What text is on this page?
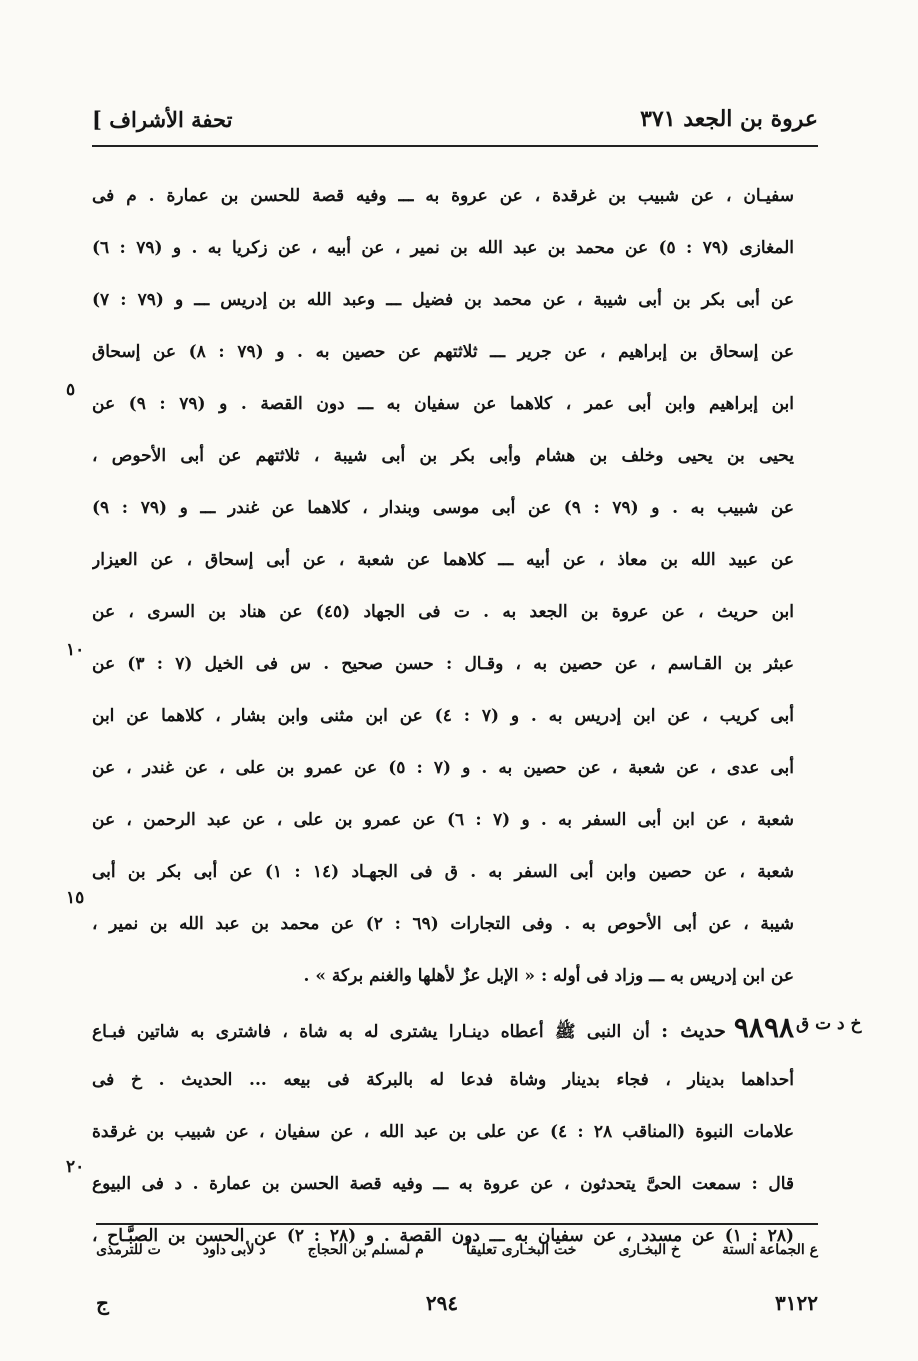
[ تحفة الأشراف	عروة بن الجعد ٣٧١
سفيـان ، عن شبيب بن غرقدة ، عن عروة به ـــ وفيه قصة للحسن بن عمارة . م فى
المغازى (٧٩ : ٥) عن محمد بن عبد الله بن نمير ، عن أبيه ، عن زكريا به . و (٧٩ : ٦)
عن أبى بكر بن أبى شيبة ، عن محمد بن فضيل ـــ وعبد الله بن إدريس ـــ و (٧٩ : ٧)
عن إسحاق بن إبراهيم ، عن جرير ـــ ثلاثتهم عن حصين به . و (٧٩ : ٨) عن إسحاق
ابن إبراهيم وابن أبى عمر ، كلاهما عن سفيان به ـــ دون القصة . و (٧٩ : ٩) عن
يحيى بن يحيى وخلف بن هشام وأبى بكر بن أبى شيبة ، ثلاثتهم عن أبى الأحوص ،
عن شبيب به . و (٧٩ : ٩) عن أبى موسى وبندار ، كلاهما عن غندر ـــ و (٧٩ : ٩)
عن عبيد الله بن معاذ ، عن أبيه ـــ كلاهما عن شعبة ، عن أبى إسحاق ، عن العيزار
ابن حريث ، عن عروة بن الجعد به . ت فى الجهاد (٤٥) عن هناد بن السرى ، عن
عبثر بن القـاسم ، عن حصين به ، وقـال : حسن صحيح . س فى الخيل (٧ : ٣) عن
أبى كريب ، عن ابن إدريس به . و (٧ : ٤) عن ابن مثنى وابن بشار ، كلاهما عن ابن
أبى عدى ، عن شعبة ، عن حصين به . و (٧ : ٥) عن عمرو بن على ، عن غندر ، عن
شعبة ، عن ابن أبى السفر به . و (٧ : ٦) عن عمرو بن على ، عن عبد الرحمن ، عن
شعبة ، عن حصين وابن أبى السفر به . ق فى الجهـاد (١٤ : ١) عن أبى بكر بن أبى
شيبة ، عن أبى الأحوص به . وفى التجارات (٦٩ : ٢) عن محمد بن عبد الله بن نمير ،
عن ابن إدريس به ـــ وزاد فى أوله : « الإبل عزٌ لأهلها والغنم بركة » .
٩٨٩٨حديث : أن النبى ﷺ أعطاه دينـارا يشترى له به شاة ، فاشترى به شاتين فبـاع
أحداهما بدينار ، فجاء بدينار وشاة فدعا له بالبركة فى بيعه ... الحديث . خ فى
علامات النبوة (المناقب ٢٨ : ٤) عن على بن عبد الله ، عن سفيان ، عن شبيب بن غرقدة
قال : سمعت الحىَّ يتحدثون ، عن عروة به ـــ وفيه قصة الحسن بن عمارة . د فى البيوع
(٢٨ : ١) عن مسدد ، عن سفيان به ـــ دون القصة . و (٢٨ : ٢) عن الحسن بن الصبَّـاح ،
٥
١٠
١٥
٢٠
خ د ت ق
ع الجماعة الستة
خ البخـارى
خت البخـارى تعليقاً
م لمسلم بن الحجاج
د لأبى داود
ت للترمذى
ج	٢٩٤	٣١٢٢
